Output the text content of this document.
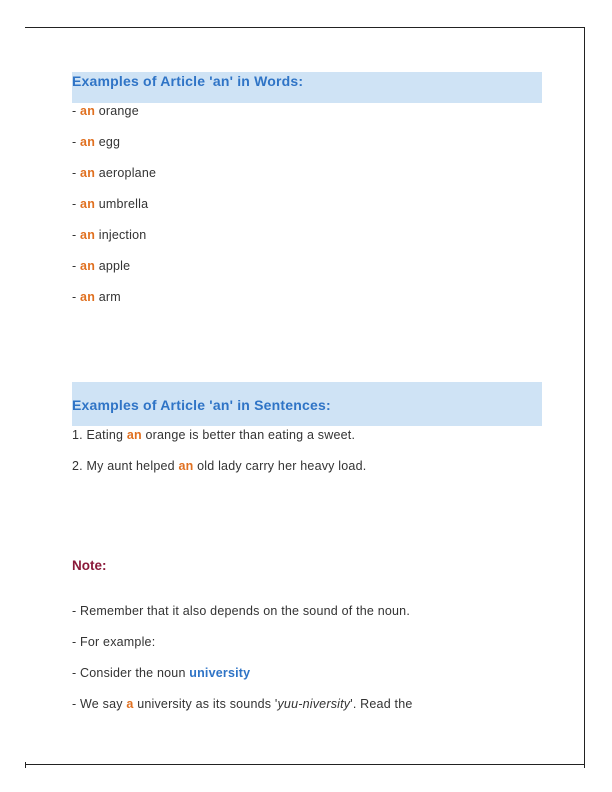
Examples of Article 'an' in Words:
- an orange
- an egg
- an aeroplane
- an umbrella
- an injection
- an apple
- an arm
Examples of Article 'an' in Sentences:
1. Eating an orange is better than eating a sweet.
2. My aunt helped an old lady carry her heavy load.
Note:
- Remember that it also depends on the sound of the noun.
- For example:
- Consider the noun university
- We say a university as its sounds 'yuu-niversity'. Read the
